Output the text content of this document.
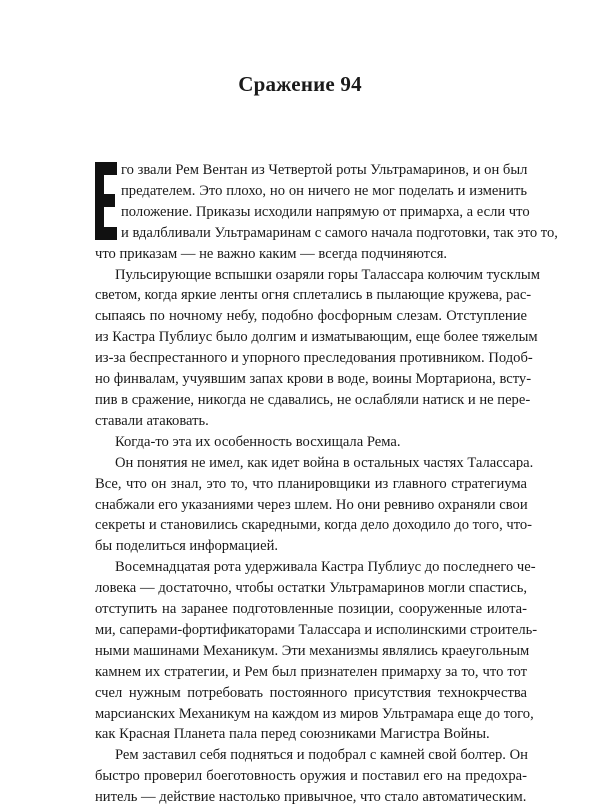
Сражение 94
го звали Рем Вентан из Четвертой роты Ультрамаринов, и он был
предателем. Это плохо, но он ничего не мог поделать и изменить
положение. Приказы исходили напрямую от примарха, а если что
и вдалбливали Ультрамаринам с самого начала подготовки, так это то,
что приказам — не важно каким — всегда подчиняются.
Пульсирующие вспышки озаряли горы Талассара колючим тусклым
светом, когда яркие ленты огня сплетались в пылающие кружева, рас-
сыпаясь по ночному небу, подобно фосфорным слезам. Отступление
из Кастра Публиус было долгим и изматывающим, еще более тяжелым
из-за беспрестанного и упорного преследования противником. Подоб-
но финвалам, учуявшим запах крови в воде, воины Мортариона, всту-
пив в сражение, никогда не сдавались, не ослабляли натиск и не пере-
ставали атаковать.
Когда-то эта их особенность восхищала Рема.
Он понятия не имел, как идет война в остальных частях Талассара.
Все, что он знал, это то, что планировщики из главного стратегиума
снабжали его указаниями через шлем. Но они ревниво охраняли свои
секреты и становились скаредными, когда дело доходило до того, что-
бы поделиться информацией.
Восемнадцатая рота удерживала Кастра Публиус до последнего че-
ловека — достаточно, чтобы остатки Ультрамаринов могли спастись,
отступить на заранее подготовленные позиции, сооруженные илота-
ми, саперами-фортификаторами Талассара и исполинскими строитель-
ными машинами Механикум. Эти механизмы являлись краеугольным
камнем их стратегии, и Рем был признателен примарху за то, что тот
счел нужным потребовать постоянного присутствия технокрчества
марсианских Механикум на каждом из миров Ультрамара еще до того,
как Красная Планета пала перед союзниками Магистра Войны.
Рем заставил себя подняться и подобрал с камней свой болтер. Он
быстро проверил боеготовность оружия и поставил его на предохра-
нитель — действие настолько привычное, что стало автоматическим.
